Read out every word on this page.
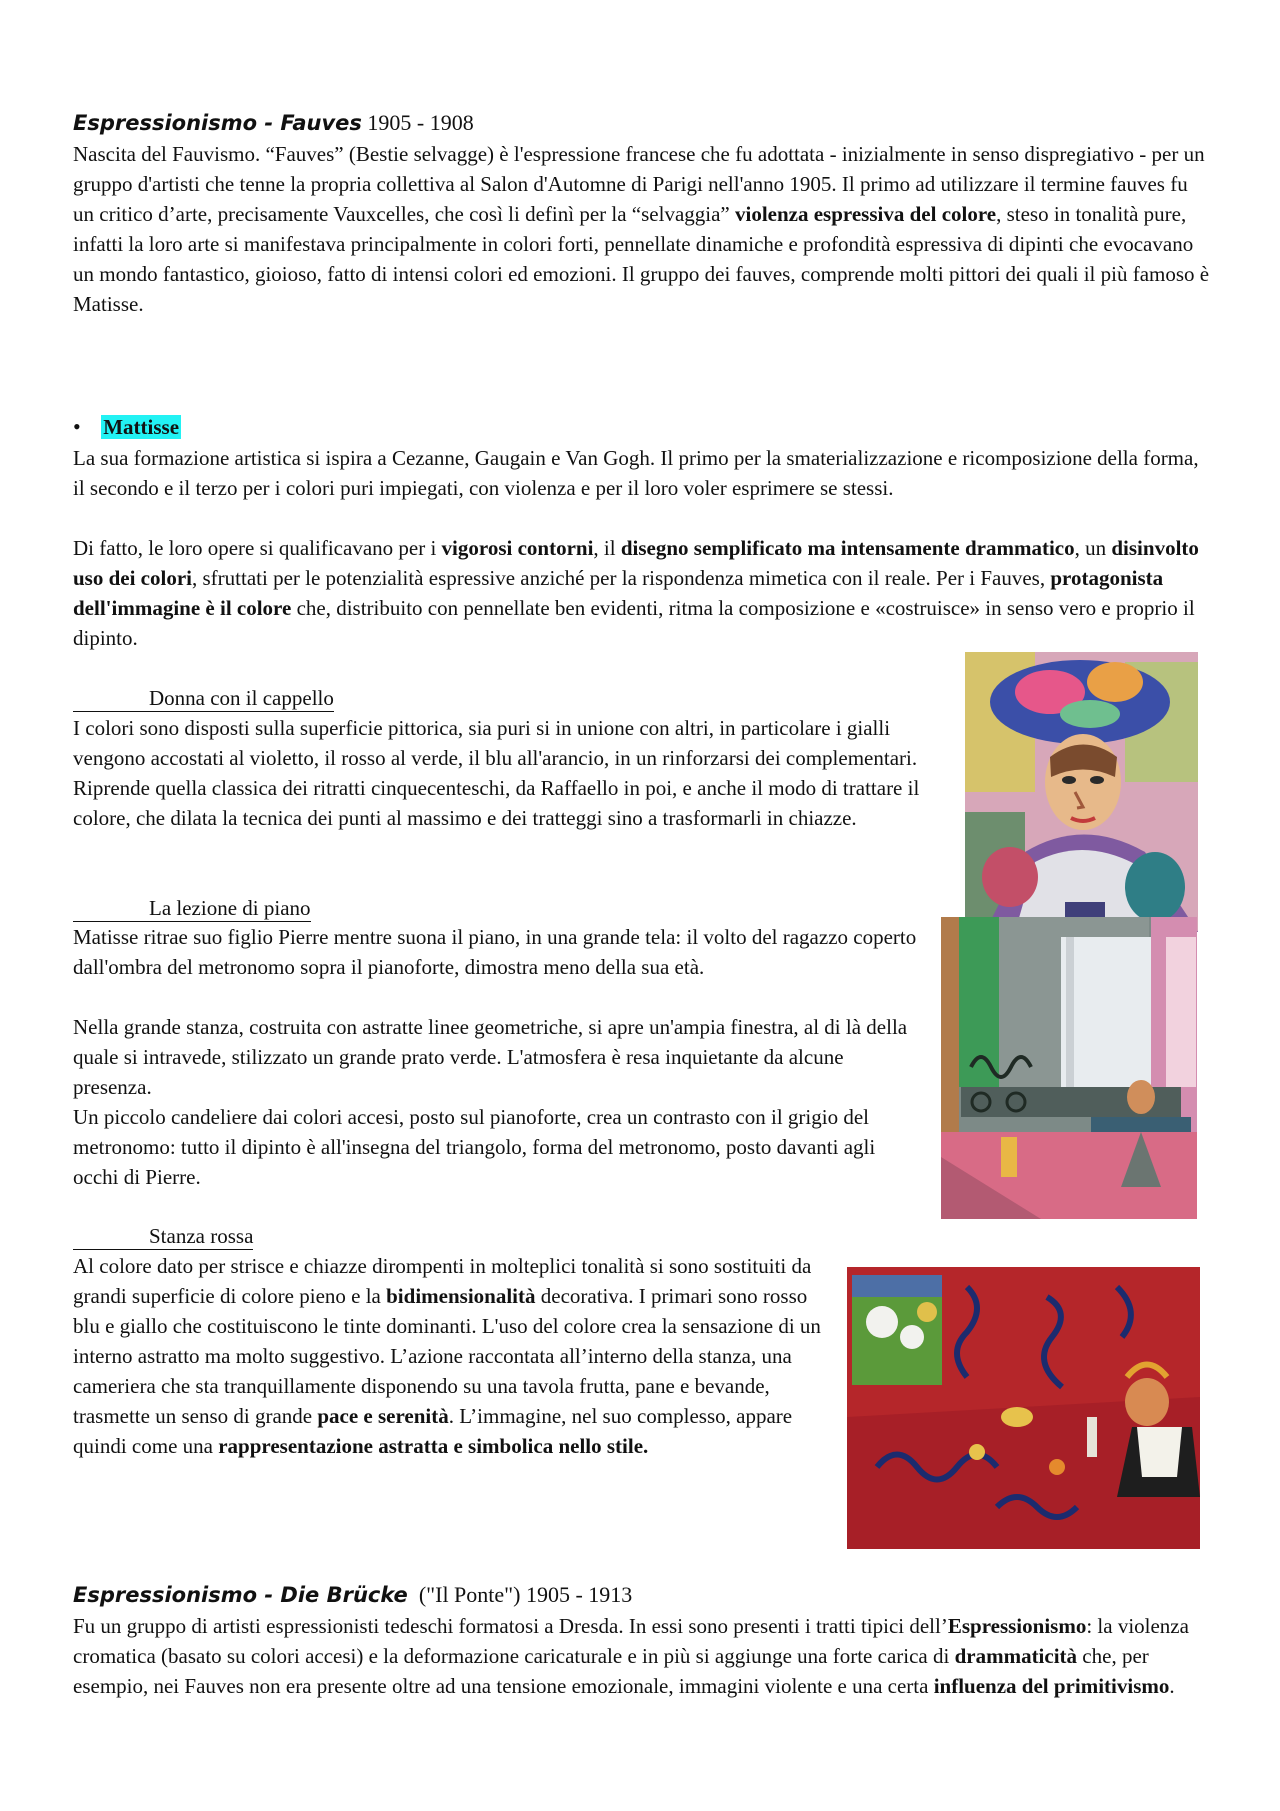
Espressionismo - Fauves 1905 - 1908

Nascita del Fauvismo. “Fauves” (Bestie selvagge) è l'espressione francese che fu adottata - inizialmente in senso dispregiativo - per un gruppo d'artisti che tenne la propria collettiva al Salon d'Automne di Parigi nell'anno 1905. Il primo ad utilizzare il termine fauves fu un critico d’arte, precisamente Vauxcelles, che così li definì per la “selvaggia” violenza espressiva del colore, steso in tonalità pure, infatti la loro arte si manifestava principalmente in colori forti, pennellate dinamiche e profondità espressiva di dipinti che evocavano un mondo fantastico, gioioso, fatto di intensi colori ed emozioni. Il gruppo dei fauves, comprende molti pittori dei quali il più famoso è Matisse.

• Mattisse

La sua formazione artistica si ispira a Cezanne, Gaugain e Van Gogh. Il primo per la smaterializzazione e ricomposizione della forma, il secondo e il terzo per i colori puri impiegati, con violenza e per il loro voler esprimere se stessi.

Di fatto, le loro opere si qualificavano per i vigorosi contorni, il disegno semplificato ma intensamente drammatico, un disinvolto uso dei colori, sfruttati per le potenzialità espressive anziché per la rispondenza mimetica con il reale. Per i Fauves, protagonista dell'immagine è il colore che, distribuito con pennellate ben evidenti, ritma la composizione e «costruisce» in senso vero e proprio il dipinto.

Donna con il cappello

I colori sono disposti sulla superficie pittorica, sia puri si in unione con altri, in particolare i gialli vengono accostati al violetto, il rosso al verde, il blu all'arancio, in un rinforzarsi dei complementari. Riprende quella classica dei ritratti cinquecenteschi, da Raffaello in poi, e anche il modo di trattare il colore, che dilata la tecnica dei punti al massimo e dei tratteggi sino a trasformarli in chiazze.

La lezione di piano

Matisse ritrae suo figlio Pierre mentre suona il piano, in una grande tela: il volto del ragazzo coperto dall'ombra del metronomo sopra il pianoforte, dimostra meno della sua età.

Nella grande stanza, costruita con astratte linee geometriche, si apre un'ampia finestra, al di là della quale si intravede, stilizzato un grande prato verde. L'atmosfera è resa inquietante da alcune presenza.

Un piccolo candeliere dai colori accesi, posto sul pianoforte, crea un contrasto con il grigio del metronomo: tutto il dipinto è all'insegna del triangolo, forma del metronomo, posto davanti agli occhi di Pierre.

Stanza rossa

Al colore dato per strisce e chiazze dirompenti in molteplici tonalità si sono sostituiti da grandi superficie di colore pieno e la bidimensionalità decorativa. I primari sono rosso blu e giallo che costituiscono le tinte dominanti. L'uso del colore crea la sensazione di un interno astratto ma molto suggestivo. L’azione raccontata all’interno della stanza, una cameriera che sta tranquillamente disponendo su una tavola frutta, pane e bevande, trasmette un senso di grande pace e serenità. L’immagine, nel suo complesso, appare quindi come una rappresentazione astratta e simbolica nello stile.

Espressionismo - Die Brücke ("Il Ponte") 1905 - 1913

Fu un gruppo di artisti espressionisti tedeschi formatosi a Dresda. In essi sono presenti i tratti tipici dell’Espressionismo: la violenza cromatica (basato su colori accesi) e la deformazione caricaturale e in più si aggiunge una forte carica di drammaticità che, per esempio, nei Fauves non era presente oltre ad una tensione emozionale, immagini violente e una certa influenza del primitivismo.
